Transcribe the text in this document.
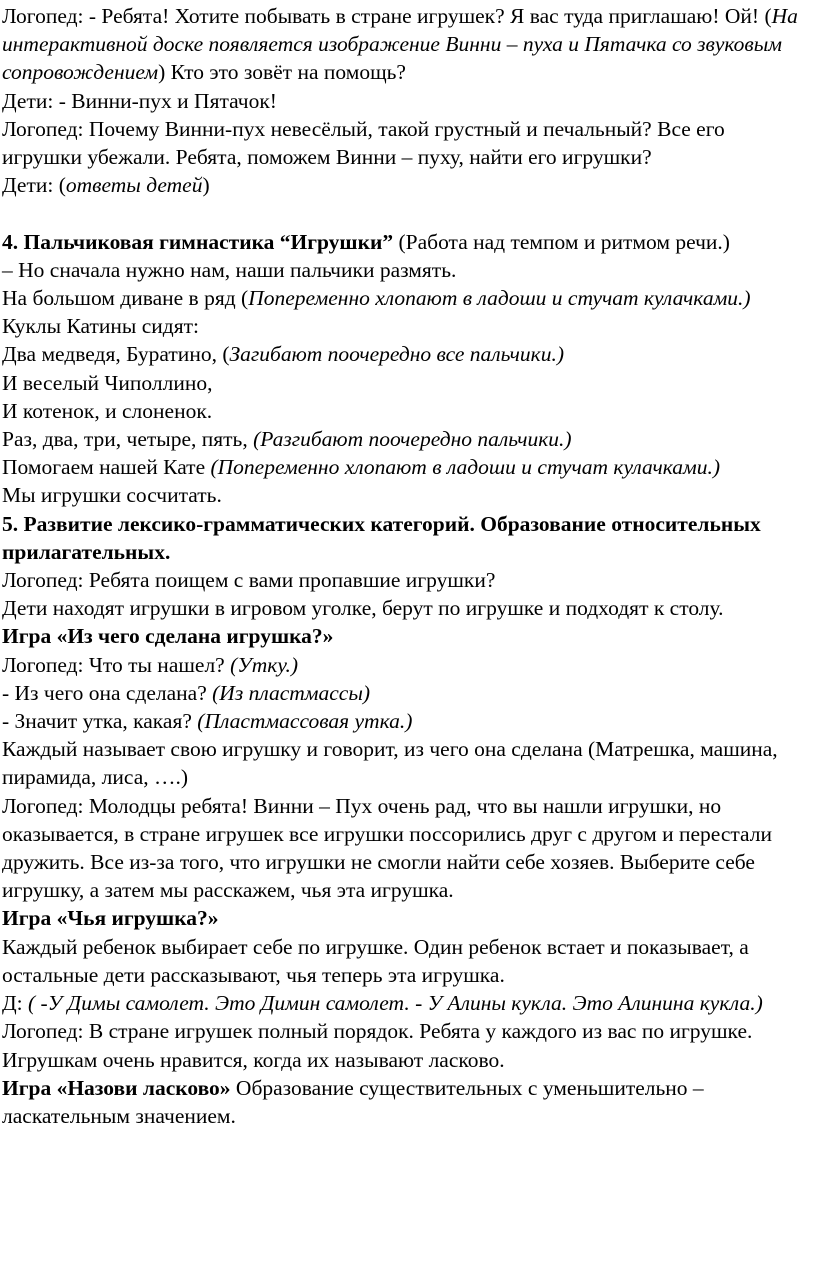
Логопед: - Ребята! Хотите побывать в стране игрушек? Я вас туда приглашаю! Ой! (На интерактивной доске появляется изображение Винни – пуха и Пятачка со звуковым сопровождением) Кто это зовёт на помощь?

Дети: - Винни-пух и Пятачок!

Логопед: Почему Винни-пух невесёлый, такой грустный и печальный? Все его игрушки убежали. Ребята, поможем Винни – пуху, найти его игрушки?

Дети: (ответы детей)

4. Пальчиковая гимнастика “Игрушки” (Работа над темпом и ритмом речи.)

– Но сначала нужно нам, наши пальчики размять.

На большом диване в ряд (Попеременно хлопают в ладоши и стучат кулачками.)

Куклы Катины сидят:

Два медведя, Буратино, (Загибают поочередно все пальчики.)

И веселый Чиполлино,

И котенок, и слоненок.

Раз, два, три, четыре, пять, (Разгибают поочередно пальчики.)

Помогаем нашей Кате (Попеременно хлопают в ладоши и стучат кулачками.)

Мы игрушки сосчитать.

5. Развитие лексико-грамматических категорий. Образование относительных прилагательных.

Логопед: Ребята поищем с вами пропавшие игрушки?

Дети находят игрушки в игровом уголке, берут по игрушке и подходят к столу.

Игра «Из чего сделана игрушка?»

Логопед: Что ты нашел? (Утку.)

- Из чего она сделана? (Из пластмассы)

- Значит утка, какая? (Пластмассовая утка.)

Каждый называет свою игрушку и говорит, из чего она сделана (Матрешка, машина, пирамида, лиса, ….)

Логопед: Молодцы ребята! Винни – Пух очень рад, что вы нашли игрушки, но оказывается, в стране игрушек все игрушки поссорились друг с другом и перестали дружить. Все из-за того, что игрушки не смогли найти себе хозяев. Выберите себе игрушку, а затем мы расскажем, чья эта игрушка.

Игра «Чья игрушка?»

Каждый ребенок выбирает себе по игрушке. Один ребенок встает и показывает, а остальные дети рассказывают, чья теперь эта игрушка.

Д: ( -У Димы самолет. Это Димин самолет. - У Алины кукла. Это Алинина кукла.)

Логопед: В стране игрушек полный порядок. Ребята у каждого из вас по игрушке. Игрушкам очень нравится, когда их называют ласково.

Игра «Назови ласково» Образование существительных с уменьшительно – ласкательным значением.
